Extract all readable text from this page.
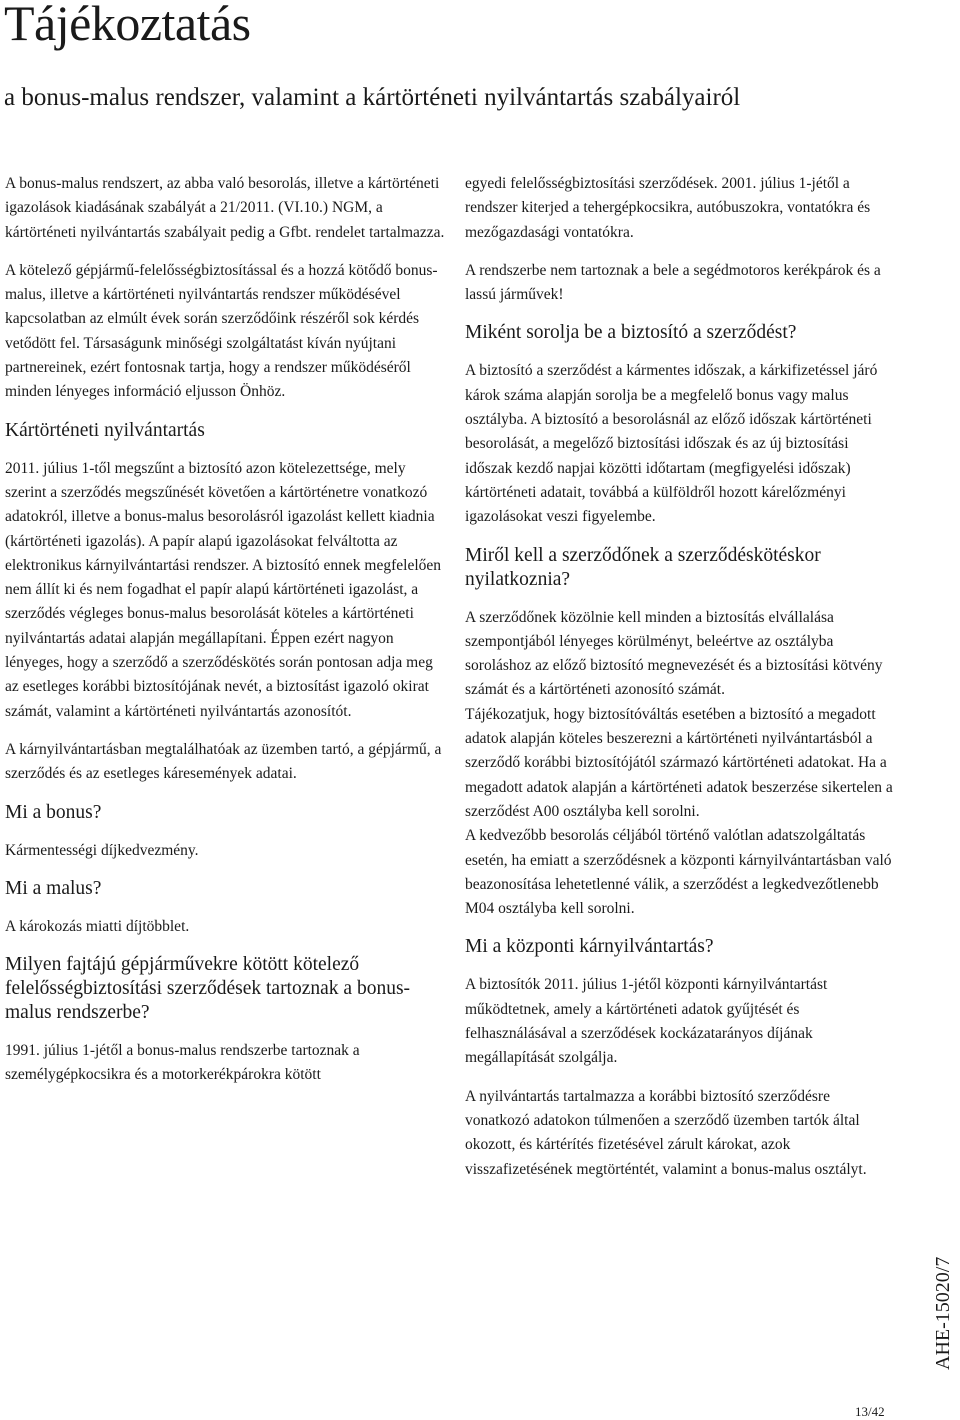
Tájékoztatás
a bonus-malus rendszer, valamint a kártörténeti nyilvántartás szabályairól

A bonus-malus rendszert, az abba való besorolás, illetve a kártörténeti igazolások kiadásának szabályát a 21/2011. (VI.10.) NGM, a kártörténeti nyilvántartás szabályait pedig a Gfbt. rendelet tartalmazza.

A kötelező gépjármű-felelősségbiztosítással és a hozzá kötődő bonus-malus, illetve a kártörténeti nyilvántartás rendszer működésével kapcsolatban az elmúlt évek során szerződőink részéről sok kérdés vetődött fel. Társaságunk minőségi szolgáltatást kíván nyújtani partnereinek, ezért fontosnak tartja, hogy a rendszer működéséről minden lényeges információ eljusson Önhöz.

Kártörténeti nyilvántartás

2011. július 1-től megszűnt a biztosító azon kötelezettsége, mely szerint a szerződés megszűnését követően a kártörténetre vonatkozó adatokról, illetve a bonus-malus besorolásról igazolást kellett kiadnia (kártörténeti igazolás). A papír alapú igazolásokat felváltotta az elektronikus kárnyilvántartási rendszer. A biztosító ennek megfelelően nem állít ki és nem fogadhat el papír alapú kártörténeti igazolást, a szerződés végleges bonus-malus besorolását köteles a kártörténeti nyilvántartás adatai alapján megállapítani. Éppen ezért nagyon lényeges, hogy a szerződő a szerződéskötés során pontosan adja meg az esetleges korábbi biztosítójának nevét, a biztosítást igazoló okirat számát, valamint a kártörténeti nyilvántartás azonosítót.

A kárnyilvántartásban megtalálhatóak az üzemben tartó, a gépjármű, a szerződés és az esetleges káresemények adatai.

Mi a bonus?

Kármentességi díjkedvezmény.

Mi a malus?

A károkozás miatti díjtöbblet.

Milyen fajtájú gépjárművekre kötött kötelező felelősségbiztosítási szerződések tartoznak a bonus-malus rendszerbe?

1991. július 1-jétől a bonus-malus rendszerbe tartoznak a személygépkocsikra és a motorkerékpárokra kötött

egyedi felelősségbiztosítási szerződések. 2001. július 1-jétől a rendszer kiterjed a tehergépkocsikra, autóbuszokra, vontatókra és mezőgazdasági vontatókra.

A rendszerbe nem tartoznak a bele a segédmotoros kerékpárok és a lassú járművek!

Miként sorolja be a biztosító a szerződést?

A biztosító a szerződést a kármentes időszak, a kárkifizetéssel járó károk száma alapján sorolja be a megfelelő bonus vagy malus osztályba. A biztosító a besorolásnál az előző időszak kártörténeti besorolását, a megelőző biztosítási időszak és az új biztosítási időszak kezdő napjai közötti időtartam (megfigyelési időszak) kártörténeti adatait, továbbá a külföldről hozott kárelőzményi igazolásokat veszi figyelembe.

Miről kell a szerződőnek a szerződéskötéskor nyilatkoznia?

A szerződőnek közölnie kell minden a biztosítás elvállalása szempontjából lényeges körülményt, beleértve az osztályba soroláshoz az előző biztosító megnevezését és a biztosítási kötvény számát és a kártörténeti azonosító számát.

Tájékozatjuk, hogy biztosítóváltás esetében a biztosító a megadott adatok alapján köteles beszerezni a kártörténeti nyilvántartásból a szerződő korábbi biztosítójától származó kártörténeti adatokat. Ha a megadott adatok alapján a kártörténeti adatok beszerzése sikertelen a szerződést A00 osztályba kell sorolni.

A kedvezőbb besorolás céljából történő valótlan adatszolgáltatás esetén, ha emiatt a szerződésnek a központi kárnyilvántartásban való beazonosítása lehetetlenné válik, a szerződést a legkedvezőtlenebb M04 osztályba kell sorolni.

Mi a központi kárnyilvántartás?

A biztosítók 2011. július 1-jétől központi kárnyilvántartást működtetnek, amely a kártörténeti adatok gyűjtését és felhasználásával a szerződések kockázatarányos díjának megállapítását szolgálja.

A nyilvántartás tartalmazza a korábbi biztosító szerződésre vonatkozó adatokon túlmenően a szerződő üzemben tartók által okozott, és kártérítés fizetésével zárult károkat, azok visszafizetésének megtörténtét, valamint a bonus-malus osztályt.

AHE-15020/7
13/42
